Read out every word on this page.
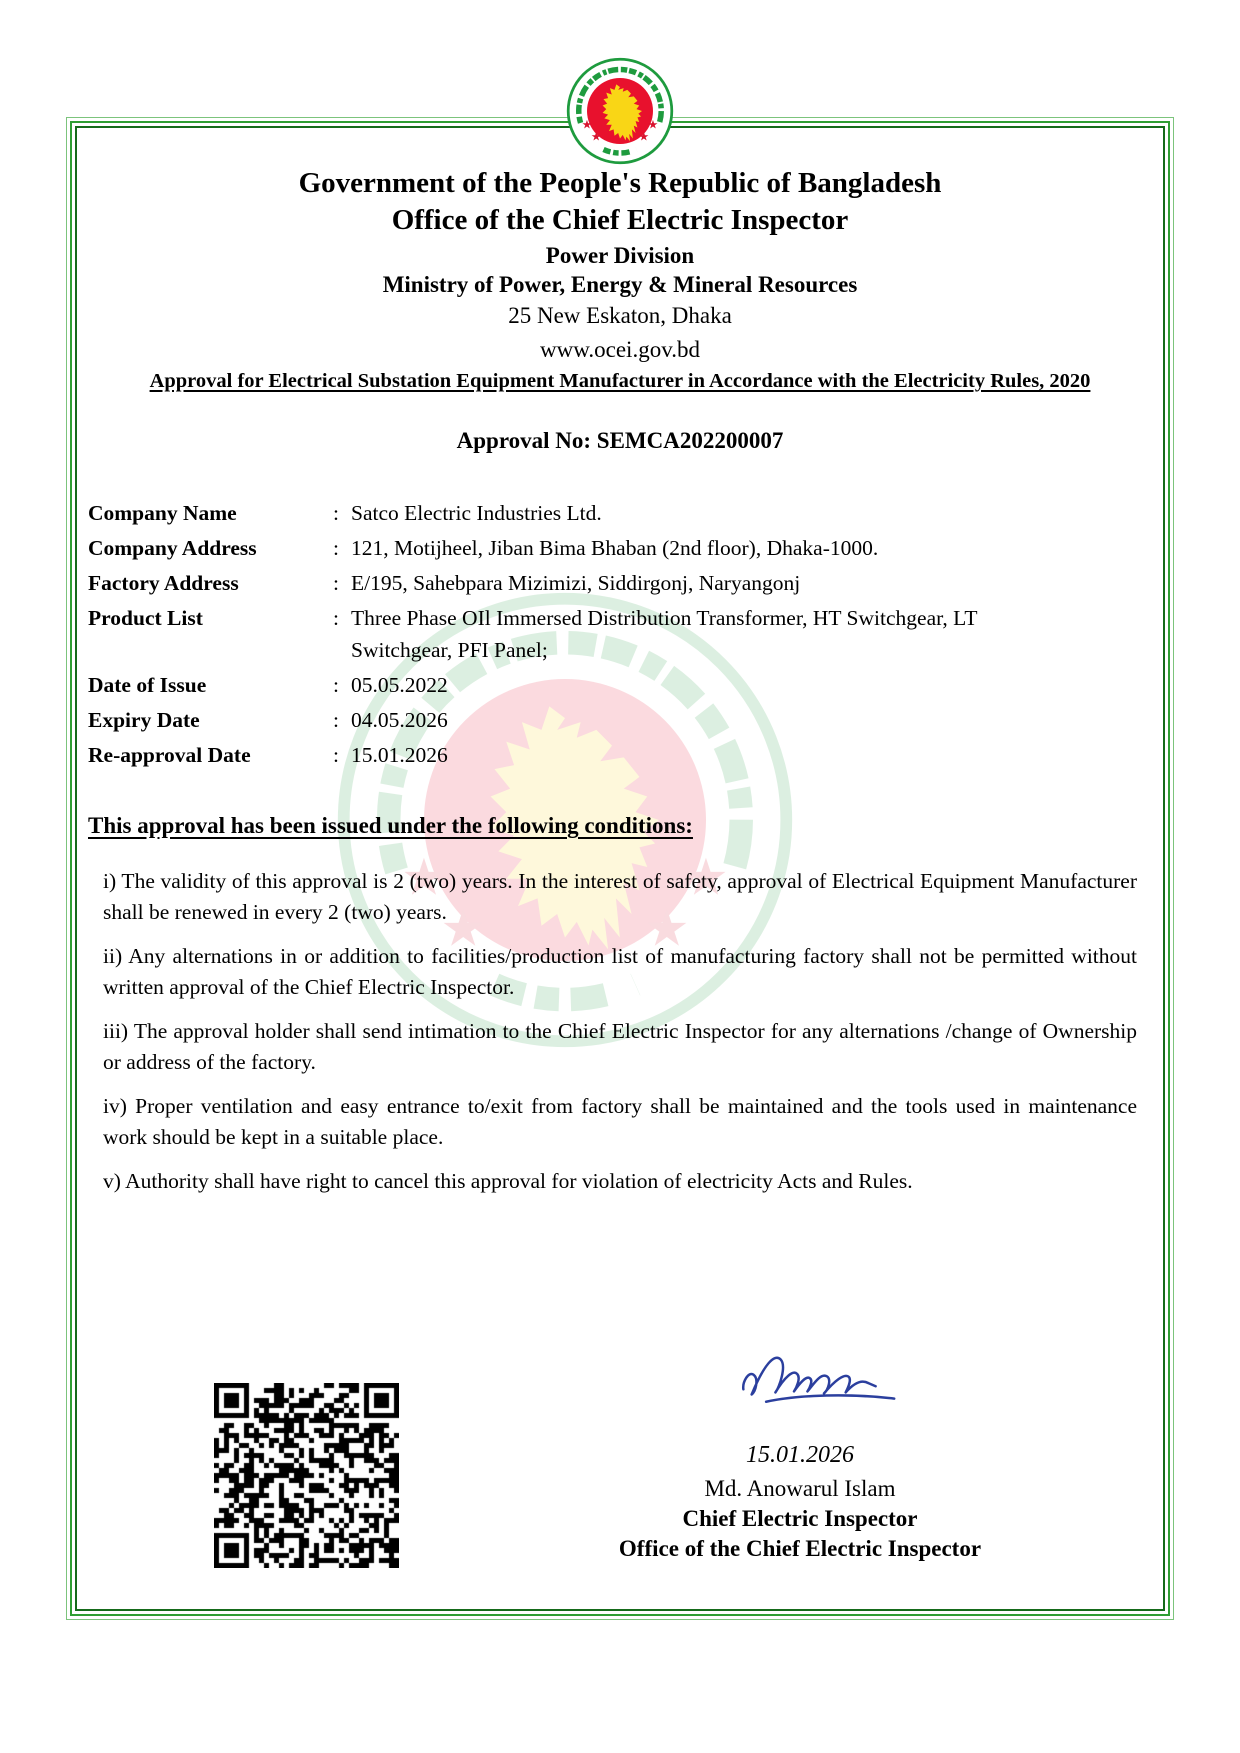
★
★
★
★
Government of the People's Republic of Bangladesh
Office of the Chief Electric Inspector
Power Division
Ministry of Power, Energy & Mineral Resources
25 New Eskaton, Dhaka
www.ocei.gov.bd
Approval for Electrical Substation Equipment Manufacturer in Accordance with the Electricity Rules, 2020
Approval No: SEMCA202200007
Company Name	: Satco Electric Industries Ltd.
Company Address	: 121, Motijheel, Jiban Bima Bhaban (2nd floor), Dhaka-1000.
Factory Address	: E/195, Sahebpara Mizimizi, Siddirgonj, Naryangonj
Product List	: Three Phase OIl Immersed Distribution Transformer, HT Switchgear, LT Switchgear, PFI Panel;
Date of Issue	: 05.05.2022
Expiry Date	: 04.05.2026
Re-approval Date	: 15.01.2026
This approval has been issued under the following conditions:

i) The validity of this approval is 2 (two) years. In the interest of safety, approval of Electrical Equipment Manufacturer shall be renewed in every 2 (two) years.

ii) Any alternations in or addition to facilities/production list of manufacturing factory shall not be permitted without written approval of the Chief Electric Inspector.

iii) The approval holder shall send intimation to the Chief Electric Inspector for any alternations /change of Ownership or address of the factory.

iv) Proper ventilation and easy entrance to/exit from factory shall be maintained and the tools used in maintenance work should be kept in a suitable place.

v) Authority shall have right to cancel this approval for violation of electricity Acts and Rules.

15.01.2026
Md. Anowarul Islam
Chief Electric Inspector
Office of the Chief Electric Inspector
